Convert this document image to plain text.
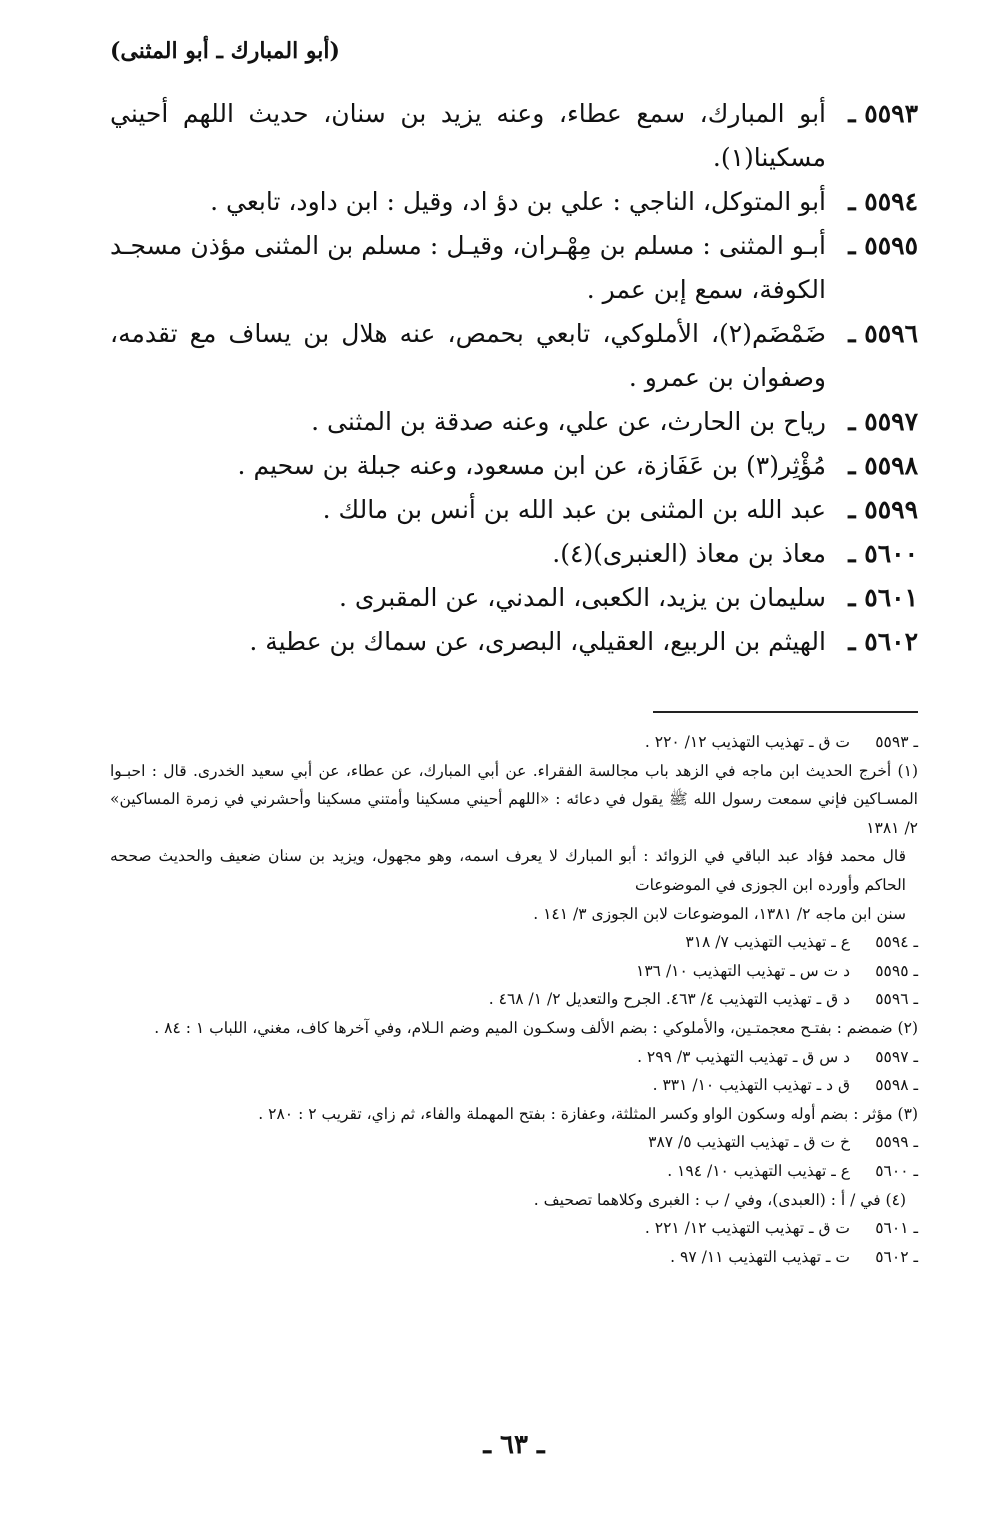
(أبو المبارك ـ أبو المثنى)
٥٥٩٣ ـ
أبو المبارك، سمع عطاء، وعنه يزيد بن سنان، حديث اللهم أحيني مسكينا(١).
٥٥٩٤ ـ
أبو المتوكل، الناجي : علي بن دؤ اد، وقيل : ابن داود، تابعي .
٥٥٩٥ ـ
أبـو المثنى : مسلم بن مِهْـران، وقيـل : مسلم بن المثنى مؤذن مسجـد الكوفة، سمع إبن عمر .
٥٥٩٦ ـ
ضَمْضَم(٢)، الأملوكي، تابعي بحمص، عنه هلال بن يساف مع تقدمه، وصفوان بن عمرو .
٥٥٩٧ ـ
رياح بن الحارث، عن علي، وعنه صدقة بن المثنى .
٥٥٩٨ ـ
مُؤْثِر(٣) بن عَفَازة، عن ابن مسعود، وعنه جبلة بن سحيم .
٥٥٩٩ ـ
عبد الله بن المثنى بن عبد الله بن أنس بن مالك .
٥٦٠٠ ـ
معاذ بن معاذ (العنبرى)(٤).
٥٦٠١ ـ
سليمان بن يزيد، الكعبى، المدني، عن المقبرى .
٥٦٠٢ ـ
الهيثم بن الربيع، العقيلي، البصرى، عن سماك بن عطية .
ـ ٥٥٩٣
ت ق ـ تهذيب التهذيب ١٢/ ٢٢٠ .
(١) أخرج الحديث ابن ماجه في الزهد باب مجالسة الفقراء. عن أبي المبارك، عن عطاء، عن أبي سعيد الخدرى. قال : احبـوا المسـاكين فإني سمعت رسول الله ﷺ يقول في دعائه : «اللهم أحيني مسكينا وأمتني مسكينا وأحشرني في زمرة المساكين» ٢/ ١٣٨١
قال محمد فؤاد عبد الباقي في الزوائد : أبو المبارك لا يعرف اسمه، وهو مجهول، ويزيد بن سنان ضعيف والحديث صححه الحاكم وأورده ابن الجوزى في الموضوعات
سنن ابن ماجه ٢/ ١٣٨١، الموضوعات لابن الجوزى ٣/ ١٤١ .
ـ ٥٥٩٤
ع ـ تهذيب التهذيب ٧/ ٣١٨
ـ ٥٥٩٥
د ت س ـ تهذيب التهذيب ١٠/ ١٣٦
ـ ٥٥٩٦
د ق ـ تهذيب التهذيب ٤/ ٤٦٣. الجرح والتعديل ٢/ ١/ ٤٦٨ .
(٢) ضمضم : بفتـح معجمتـين، والأملوكي : بضم الألف وسكـون الميم وضم الـلام، وفي آخرها كاف، مغني، اللباب ١ : ٨٤ .
ـ ٥٥٩٧
د س ق ـ تهذيب التهذيب ٣/ ٢٩٩ .
ـ ٥٥٩٨
ق د ـ تهذيب التهذيب ١٠/ ٣٣١ .
(٣) مؤثر : بضم أوله وسكون الواو وكسر المثلثة، وعفازة : بفتح المهملة والفاء، ثم زاي، تقريب ٢ : ٢٨٠ .
ـ ٥٥٩٩
خ ت ق ـ تهذيب التهذيب ٥/ ٣٨٧
ـ ٥٦٠٠
ع ـ تهذيب التهذيب ١٠/ ١٩٤ .
(٤) في / أ : (العبدى)، وفي / ب : الغبرى وكلاهما تصحيف .
ـ ٥٦٠١
ت ق ـ تهذيب التهذيب ١٢/ ٢٢١ .
ـ ٥٦٠٢
ت ـ تهذيب التهذيب ١١/ ٩٧ .
ـ ٦٣ ـ
